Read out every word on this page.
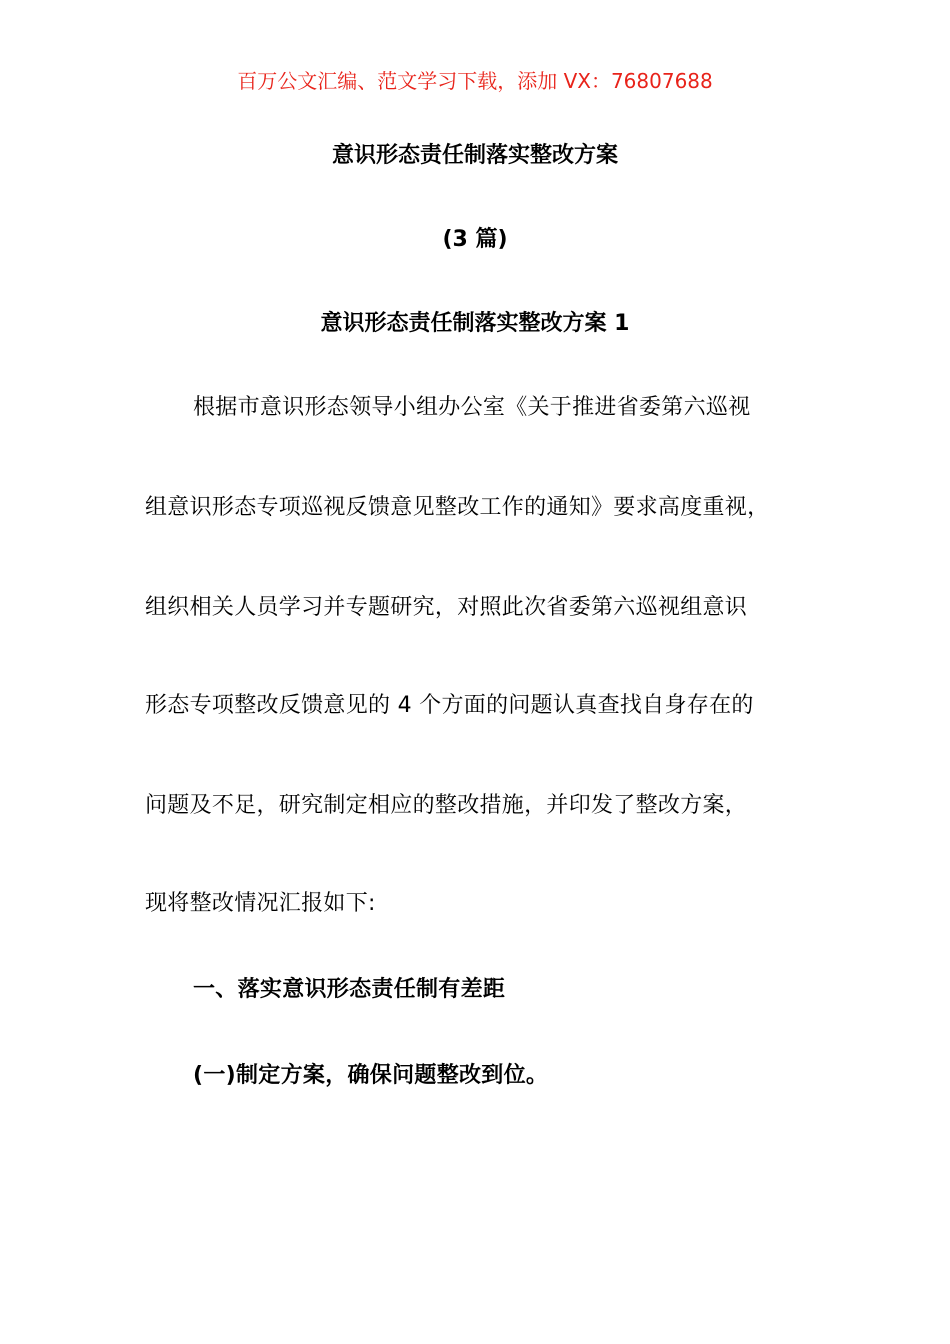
百万公文汇编、范文学习下载，添加 VX：76807688
意识形态责任制落实整改方案
(3 篇)
意识形态责任制落实整改方案 1
根据市意识形态领导小组办公室《关于推进省委第六巡视
组意识形态专项巡视反馈意见整改工作的通知》要求高度重视，
组织相关人员学习并专题研究，对照此次省委第六巡视组意识
形态专项整改反馈意见的 4 个方面的问题认真查找自身存在的
问题及不足，研究制定相应的整改措施，并印发了整改方案，
现将整改情况汇报如下:
一、落实意识形态责任制有差距
(一)制定方案，确保问题整改到位。
